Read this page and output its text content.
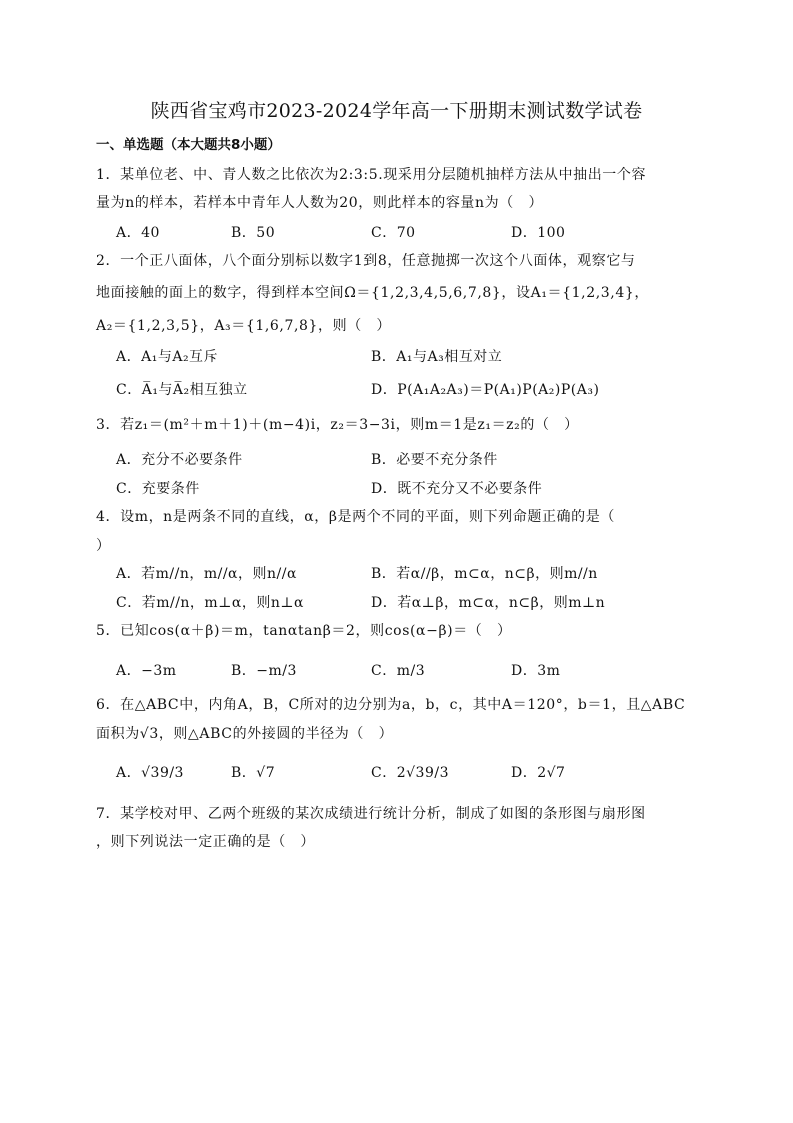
陕西省宝鸡市2023-2024学年高一下册期末测试数学试卷
一、单选题（本大题共8小题）
1．某单位老、中、青人数之比依次为2:3:5.现采用分层随机抽样方法从中抽出一个容
量为n的样本，若样本中青年人人数为20，则此样本的容量n为（　）
A．40	B．50	C．70	D．100
2．一个正八面体，八个面分别标以数字1到8，任意抛掷一次这个八面体，观察它与
地面接触的面上的数字，得到样本空间Ω＝{1,2,3,4,5,6,7,8}，设A₁＝{1,2,3,4}，
A₂＝{1,2,3,5}，A₃＝{1,6,7,8}，则（　）
A．A₁与A₂互斥	B．A₁与A₃相互对立
C．A̅₁与A̅₂相互独立	D．P(A₁A₂A₃)＝P(A₁)P(A₂)P(A₃)
3．若z₁＝(m²＋m＋1)＋(m−4)i，z₂＝3−3i，则m＝1是z₁＝z₂的（　）
A．充分不必要条件	B．必要不充分条件
C．充要条件	D．既不充分又不必要条件
4．设m，n是两条不同的直线，α，β是两个不同的平面，则下列命题正确的是（
）
A．若m//n，m//α，则n//α	B．若α//β，m⊂α，n⊂β，则m//n
C．若m//n，m⊥α，则n⊥α	D．若α⊥β，m⊂α，n⊂β，则m⊥n
5．已知cos(α＋β)＝m，tanαtanβ＝2，则cos(α−β)＝（　）
A．−3m	B．−m/3	C．m/3	D．3m
6．在△ABC中，内角A，B，C所对的边分别为a，b，c，其中A＝120°，b＝1，且△ABC
面积为√3，则△ABC的外接圆的半径为（　）
A．√39/3	B．√7	C．2√39/3	D．2√7
7．某学校对甲、乙两个班级的某次成绩进行统计分析，制成了如图的条形图与扇形图
，则下列说法一定正确的是（　）
